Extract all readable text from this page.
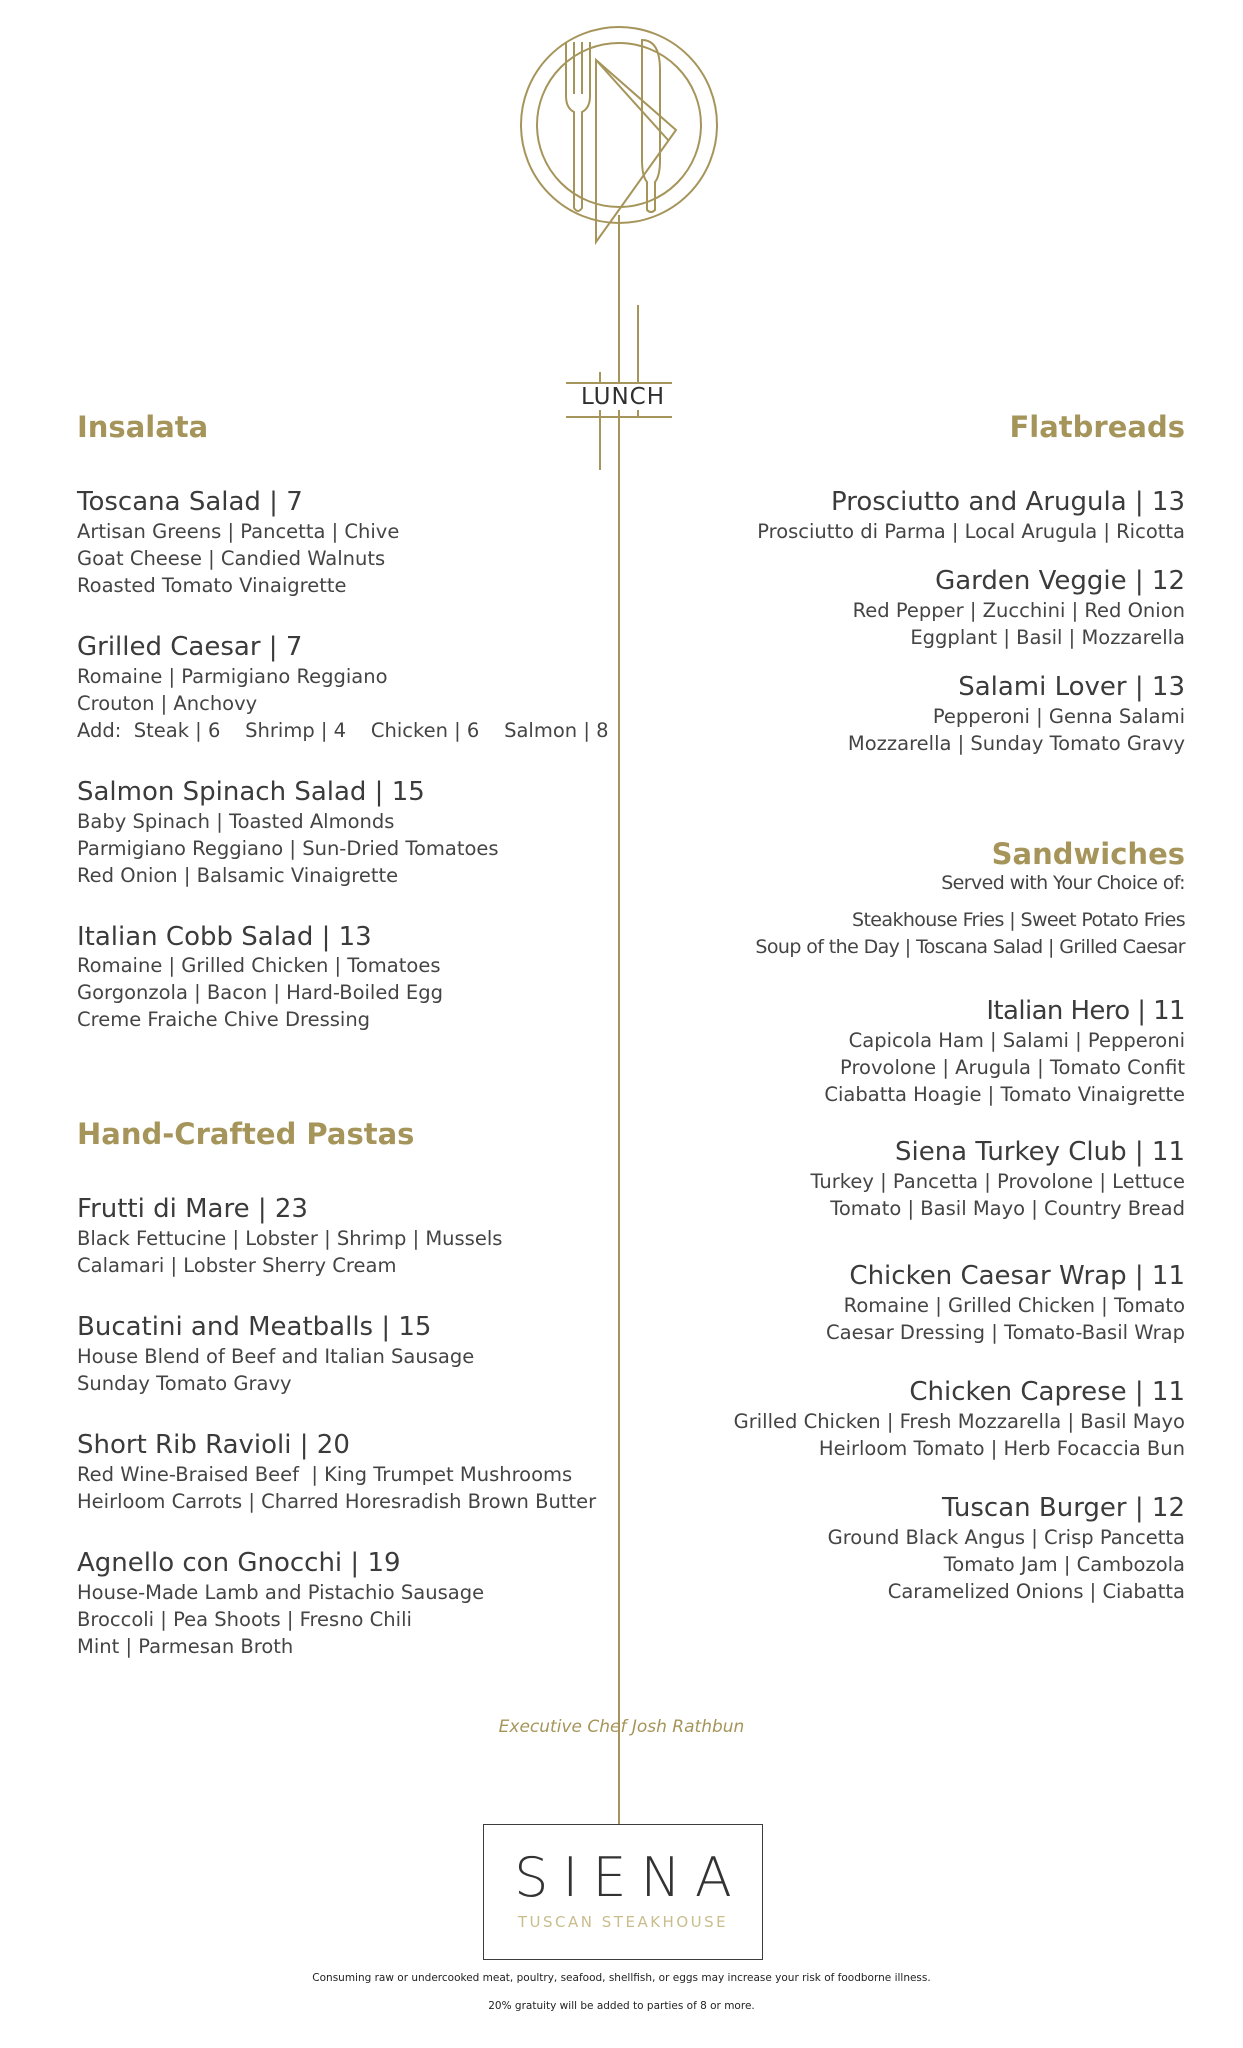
LUNCH
Insalata
Toscana Salad | 7
Artisan Greens | Pancetta | Chive
Goat Cheese | Candied Walnuts
Roasted Tomato Vinaigrette
Grilled Caesar | 7
Romaine | Parmigiano Reggiano
Crouton | Anchovy
Add:  Steak | 6    Shrimp | 4    Chicken | 6    Salmon | 8
Salmon Spinach Salad | 15
Baby Spinach | Toasted Almonds
Parmigiano Reggiano | Sun-Dried Tomatoes
Red Onion | Balsamic Vinaigrette
Italian Cobb Salad | 13
Romaine | Grilled Chicken | Tomatoes
Gorgonzola | Bacon | Hard-Boiled Egg
Creme Fraiche Chive Dressing
Hand-Crafted Pastas
Frutti di Mare | 23
Black Fettucine | Lobster | Shrimp | Mussels
Calamari | Lobster Sherry Cream
Bucatini and Meatballs | 15
House Blend of Beef and Italian Sausage
Sunday Tomato Gravy
Short Rib Ravioli | 20
Red Wine-Braised Beef  | King Trumpet Mushrooms
Heirloom Carrots | Charred Horesradish Brown Butter
Agnello con Gnocchi | 19
House-Made Lamb and Pistachio Sausage
Broccoli | Pea Shoots | Fresno Chili
Mint | Parmesan Broth
Flatbreads
Prosciutto and Arugula | 13
Prosciutto di Parma | Local Arugula | Ricotta
Garden Veggie | 12
Red Pepper | Zucchini | Red Onion
Eggplant | Basil | Mozzarella
Salami Lover | 13
Pepperoni | Genna Salami
Mozzarella | Sunday Tomato Gravy
Sandwiches
Served with Your Choice of:
Steakhouse Fries | Sweet Potato Fries
Soup of the Day | Toscana Salad | Grilled Caesar
Italian Hero | 11
Capicola Ham | Salami | Pepperoni
Provolone | Arugula | Tomato Confit
Ciabatta Hoagie | Tomato Vinaigrette
Siena Turkey Club | 11
Turkey | Pancetta | Provolone | Lettuce
Tomato | Basil Mayo | Country Bread
Chicken Caesar Wrap | 11
Romaine | Grilled Chicken | Tomato
Caesar Dressing | Tomato-Basil Wrap
Chicken Caprese | 11
Grilled Chicken | Fresh Mozzarella | Basil Mayo
Heirloom Tomato | Herb Focaccia Bun
Tuscan Burger | 12
Ground Black Angus | Crisp Pancetta
Tomato Jam | Cambozola
Caramelized Onions | Ciabatta
Executive Chef Josh Rathbun
SIENA
TUSCAN STEAKHOUSE
Consuming raw or undercooked meat, poultry, seafood, shellfish, or eggs may increase your risk of foodborne illness.
20% gratuity will be added to parties of 8 or more.
